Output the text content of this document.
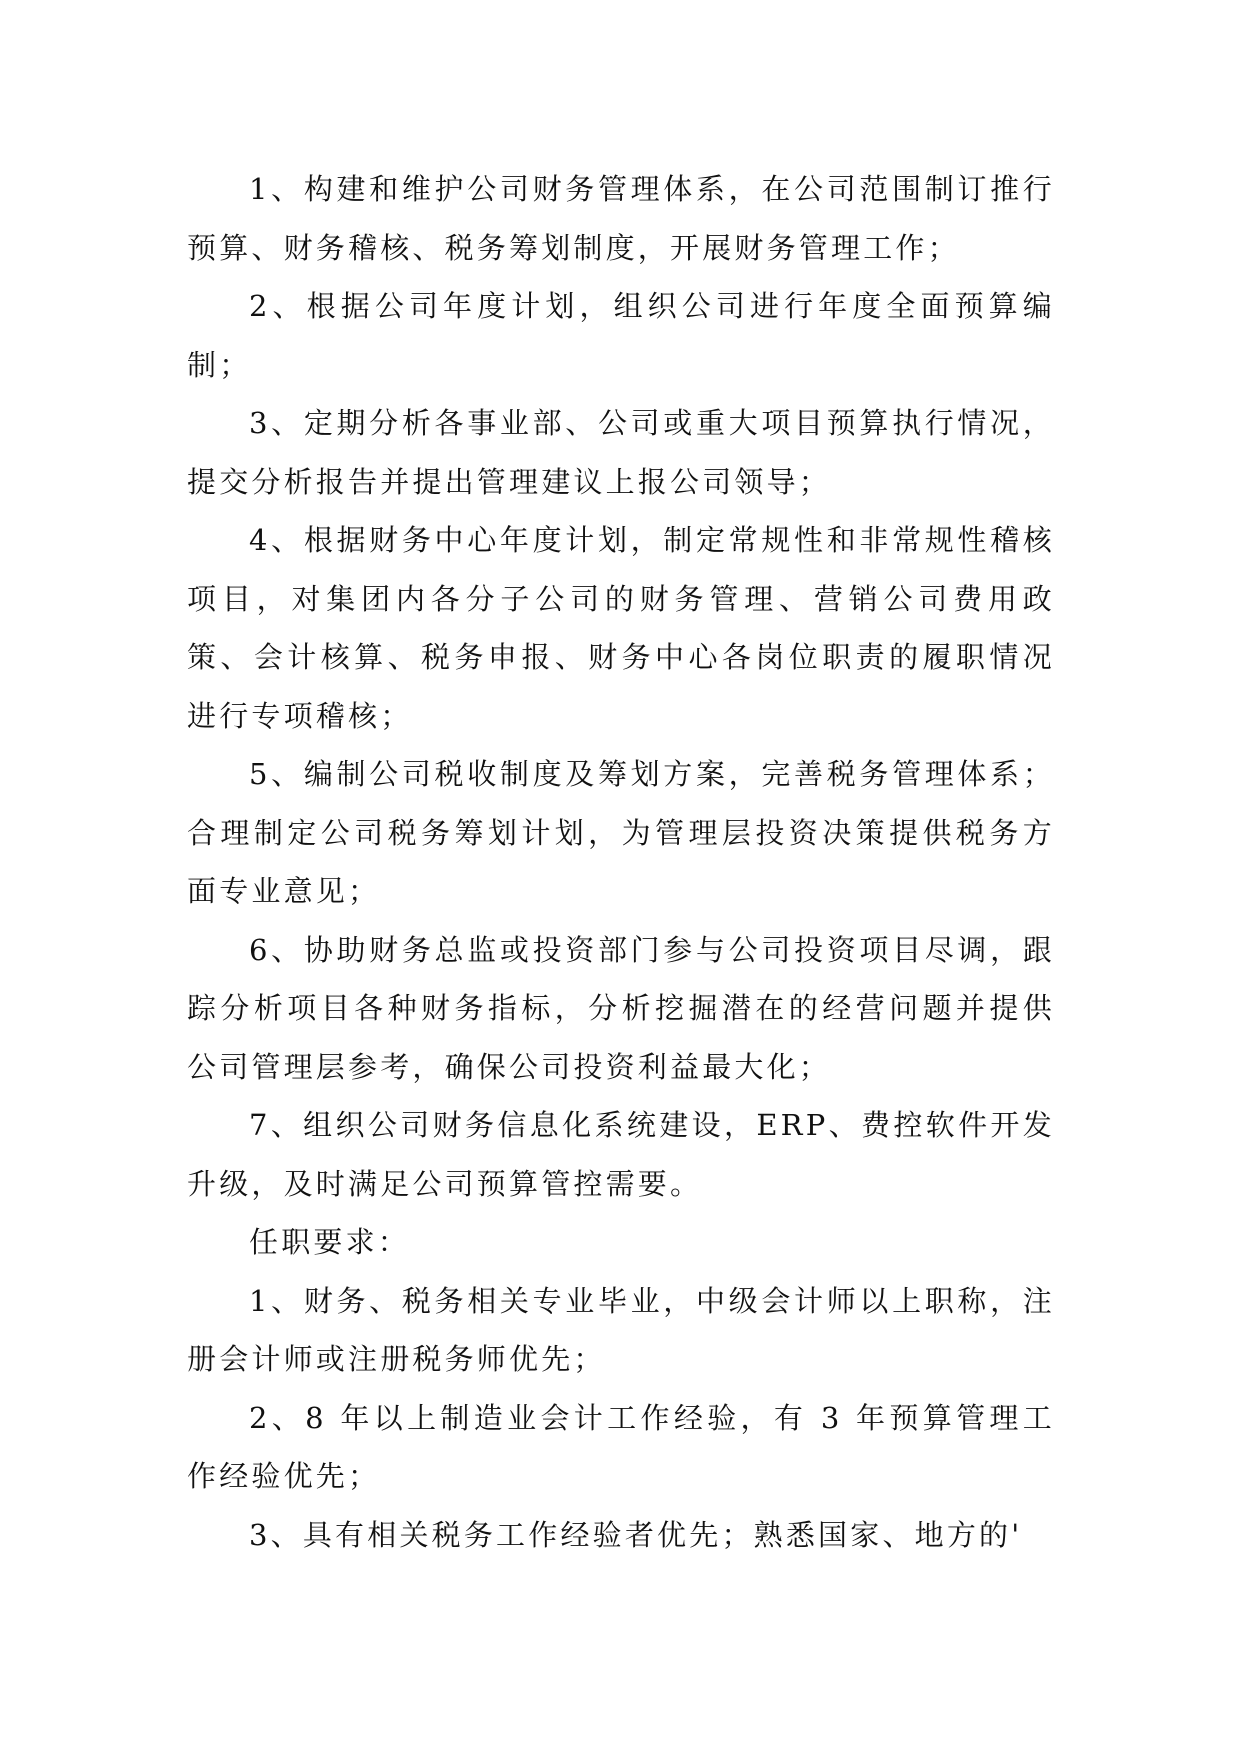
1、构建和维护公司财务管理体系，在公司范围制订推行预算、财务稽核、税务筹划制度，开展财务管理工作；

2、根据公司年度计划，组织公司进行年度全面预算编制；

3、定期分析各事业部、公司或重大项目预算执行情况，提交分析报告并提出管理建议上报公司领导；

4、根据财务中心年度计划，制定常规性和非常规性稽核项目，对集团内各分子公司的财务管理、营销公司费用政策、会计核算、税务申报、财务中心各岗位职责的履职情况进行专项稽核；

5、编制公司税收制度及筹划方案，完善税务管理体系；合理制定公司税务筹划计划，为管理层投资决策提供税务方面专业意见；

6、协助财务总监或投资部门参与公司投资项目尽调，跟踪分析项目各种财务指标，分析挖掘潜在的经营问题并提供公司管理层参考，确保公司投资利益最大化；

7、组织公司财务信息化系统建设，ERP、费控软件开发升级，及时满足公司预算管控需要。

任职要求：

1、财务、税务相关专业毕业，中级会计师以上职称，注册会计师或注册税务师优先；

2、8 年以上制造业会计工作经验，有 3 年预算管理工作经验优先；

3、具有相关税务工作经验者优先；熟悉国家、地方的'
